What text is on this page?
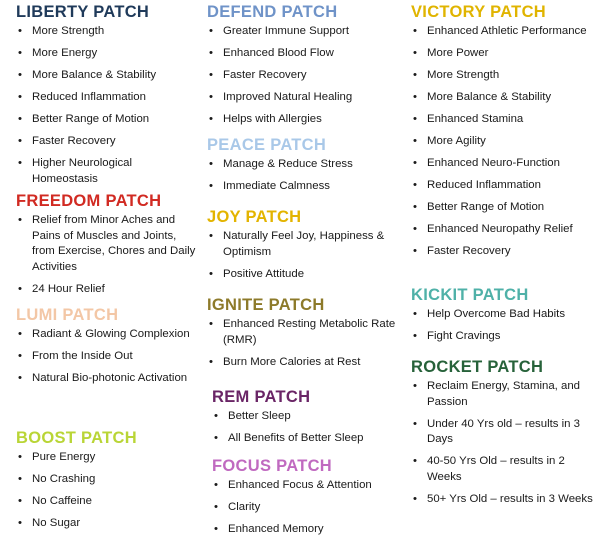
LIBERTY PATCH
• More Strength
• More Energy
• More Balance & Stability
• Reduced Inflammation
• Better Range of Motion
• Faster Recovery
• Higher Neurological Homeostasis
FREEDOM PATCH
• Relief from Minor Aches and Pains of Muscles and Joints, from Exercise, Chores and Daily Activities
• 24 Hour Relief
LUMI PATCH
• Radiant & Glowing Complexion
• From the Inside Out
• Natural Bio-photonic Activation
BOOST PATCH
• Pure Energy
• No Crashing
• No Caffeine
• No Sugar
DEFEND PATCH
• Greater Immune Support
• Enhanced Blood Flow
• Faster Recovery
• Improved Natural Healing
• Helps with Allergies
PEACE PATCH
• Manage & Reduce Stress
• Immediate Calmness
JOY PATCH
• Naturally Feel Joy, Happiness & Optimism
• Positive Attitude
IGNITE PATCH
• Enhanced Resting Metabolic Rate (RMR)
• Burn More Calories at Rest
REM PATCH
• Better Sleep
• All Benefits of Better Sleep
FOCUS PATCH
• Enhanced Focus & Attention
• Clarity
• Enhanced Memory
VICTORY PATCH
• Enhanced Athletic Performance
• More Power
• More Strength
• More Balance & Stability
• Enhanced Stamina
• More Agility
• Enhanced Neuro-Function
• Reduced Inflammation
• Better Range of Motion
• Enhanced Neuropathy Relief
• Faster Recovery
KICKIT PATCH
• Help Overcome Bad Habits
• Fight Cravings
ROCKET PATCH
• Reclaim Energy, Stamina, and Passion
• Under 40 Yrs old – results in 3 Days
• 40-50 Yrs Old – results in 2 Weeks
• 50+ Yrs Old – results in 3 Weeks
